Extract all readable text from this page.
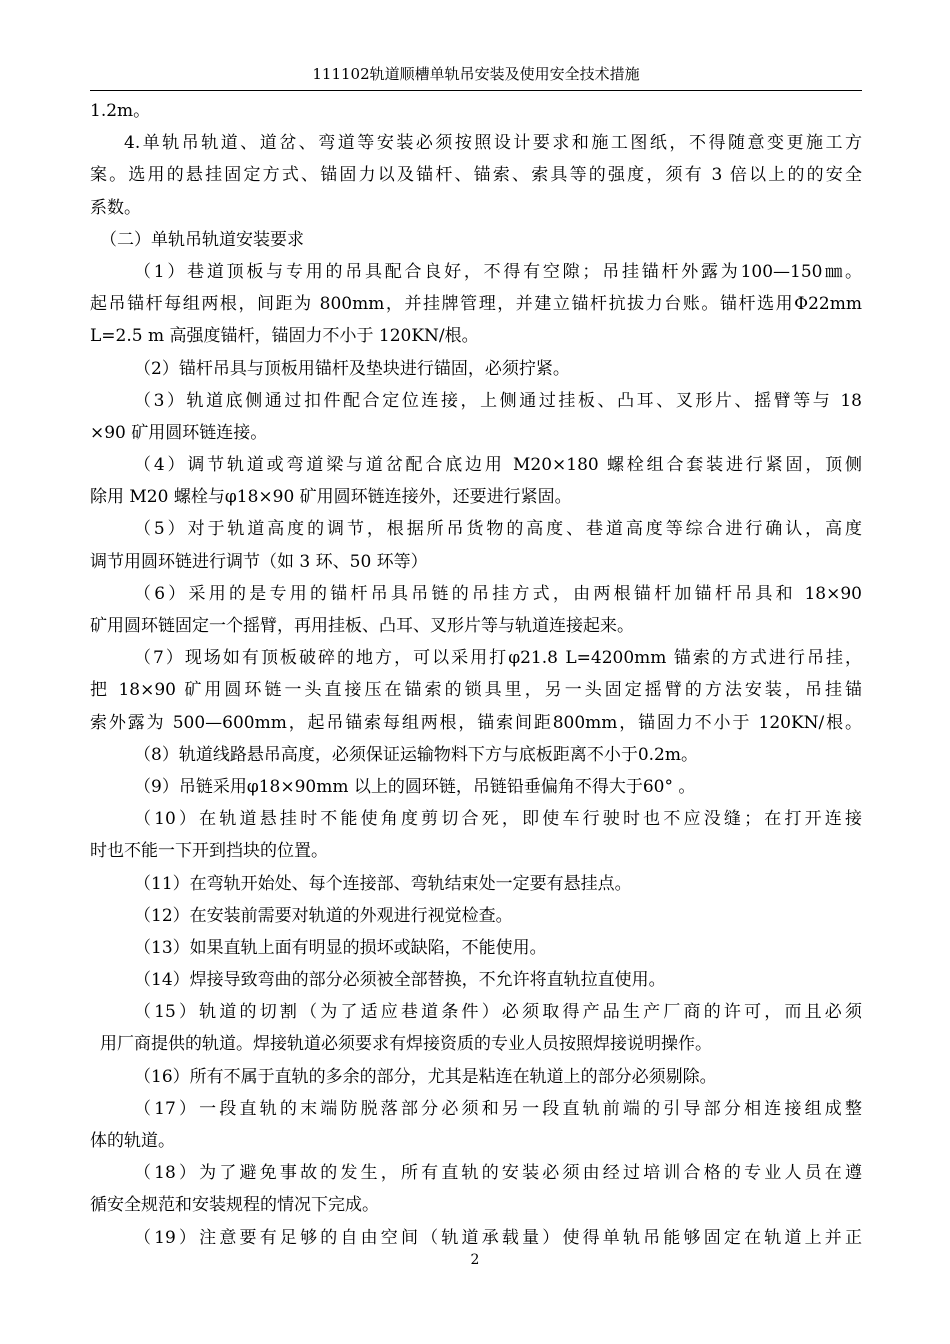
111102轨道顺槽单轨吊安装及使用安全技术措施
1.2m。
4.单轨吊轨道、道岔、弯道等安装必须按照设计要求和施工图纸，不得随意变更施工方
案。选用的悬挂固定方式、锚固力以及锚杆、锚索、索具等的强度，须有 3 倍以上的的安全
系数。
（二）单轨吊轨道安装要求
（1）巷道顶板与专用的吊具配合良好，不得有空隙；吊挂锚杆外露为100—150㎜。
起吊锚杆每组两根，间距为 800mm，并挂牌管理，并建立锚杆抗拔力台账。锚杆选用Φ22mm
L=2.5 m 高强度锚杆，锚固力不小于 120KN/根。
（2）锚杆吊具与顶板用锚杆及垫块进行锚固，必须拧紧。
（3）轨道底侧通过扣件配合定位连接，上侧通过挂板、凸耳、叉形片、摇臂等与 18
×90 矿用圆环链连接。
（4）调节轨道或弯道梁与道岔配合底边用 M20×180 螺栓组合套装进行紧固，顶侧
除用 M20 螺栓与φ18×90 矿用圆环链连接外，还要进行紧固。
（5）对于轨道高度的调节，根据所吊货物的高度、巷道高度等综合进行确认，高度
调节用圆环链进行调节（如 3 环、50 环等）
（6）采用的是专用的锚杆吊具吊链的吊挂方式，由两根锚杆加锚杆吊具和 18×90
矿用圆环链固定一个摇臂，再用挂板、凸耳、叉形片等与轨道连接起来。
（7）现场如有顶板破碎的地方，可以采用打φ21.8 L=4200mm 锚索的方式进行吊挂，
把 18×90 矿用圆环链一头直接压在锚索的锁具里，另一头固定摇臂的方法安装，吊挂锚
索外露为 500—600mm，起吊锚索每组两根，锚索间距800mm，锚固力不小于 120KN/根。
（8）轨道线路悬吊高度，必须保证运输物料下方与底板距离不小于0.2m。
（9）吊链采用φ18×90mm 以上的圆环链，吊链铅垂偏角不得大于60° 。
（10）在轨道悬挂时不能使角度剪切合死，即使车行驶时也不应没缝；在打开连接
时也不能一下开到挡块的位置。
（11）在弯轨开始处、每个连接部、弯轨结束处一定要有悬挂点。
（12）在安装前需要对轨道的外观进行视觉检查。
（13）如果直轨上面有明显的损坏或缺陷，不能使用。
（14）焊接导致弯曲的部分必须被全部替换，不允许将直轨拉直使用。
（15）轨道的切割（为了适应巷道条件）必须取得产品生产厂商的许可，而且必须
用厂商提供的轨道。焊接轨道必须要求有焊接资质的专业人员按照焊接说明操作。
（16）所有不属于直轨的多余的部分，尤其是粘连在轨道上的部分必须剔除。
（17）一段直轨的末端防脱落部分必须和另一段直轨前端的引导部分相连接组成整
体的轨道。
（18）为了避免事故的发生，所有直轨的安装必须由经过培训合格的专业人员在遵
循安全规范和安装规程的情况下完成。
（19）注意要有足够的自由空间（轨道承载量）使得单轨吊能够固定在轨道上并正
2
